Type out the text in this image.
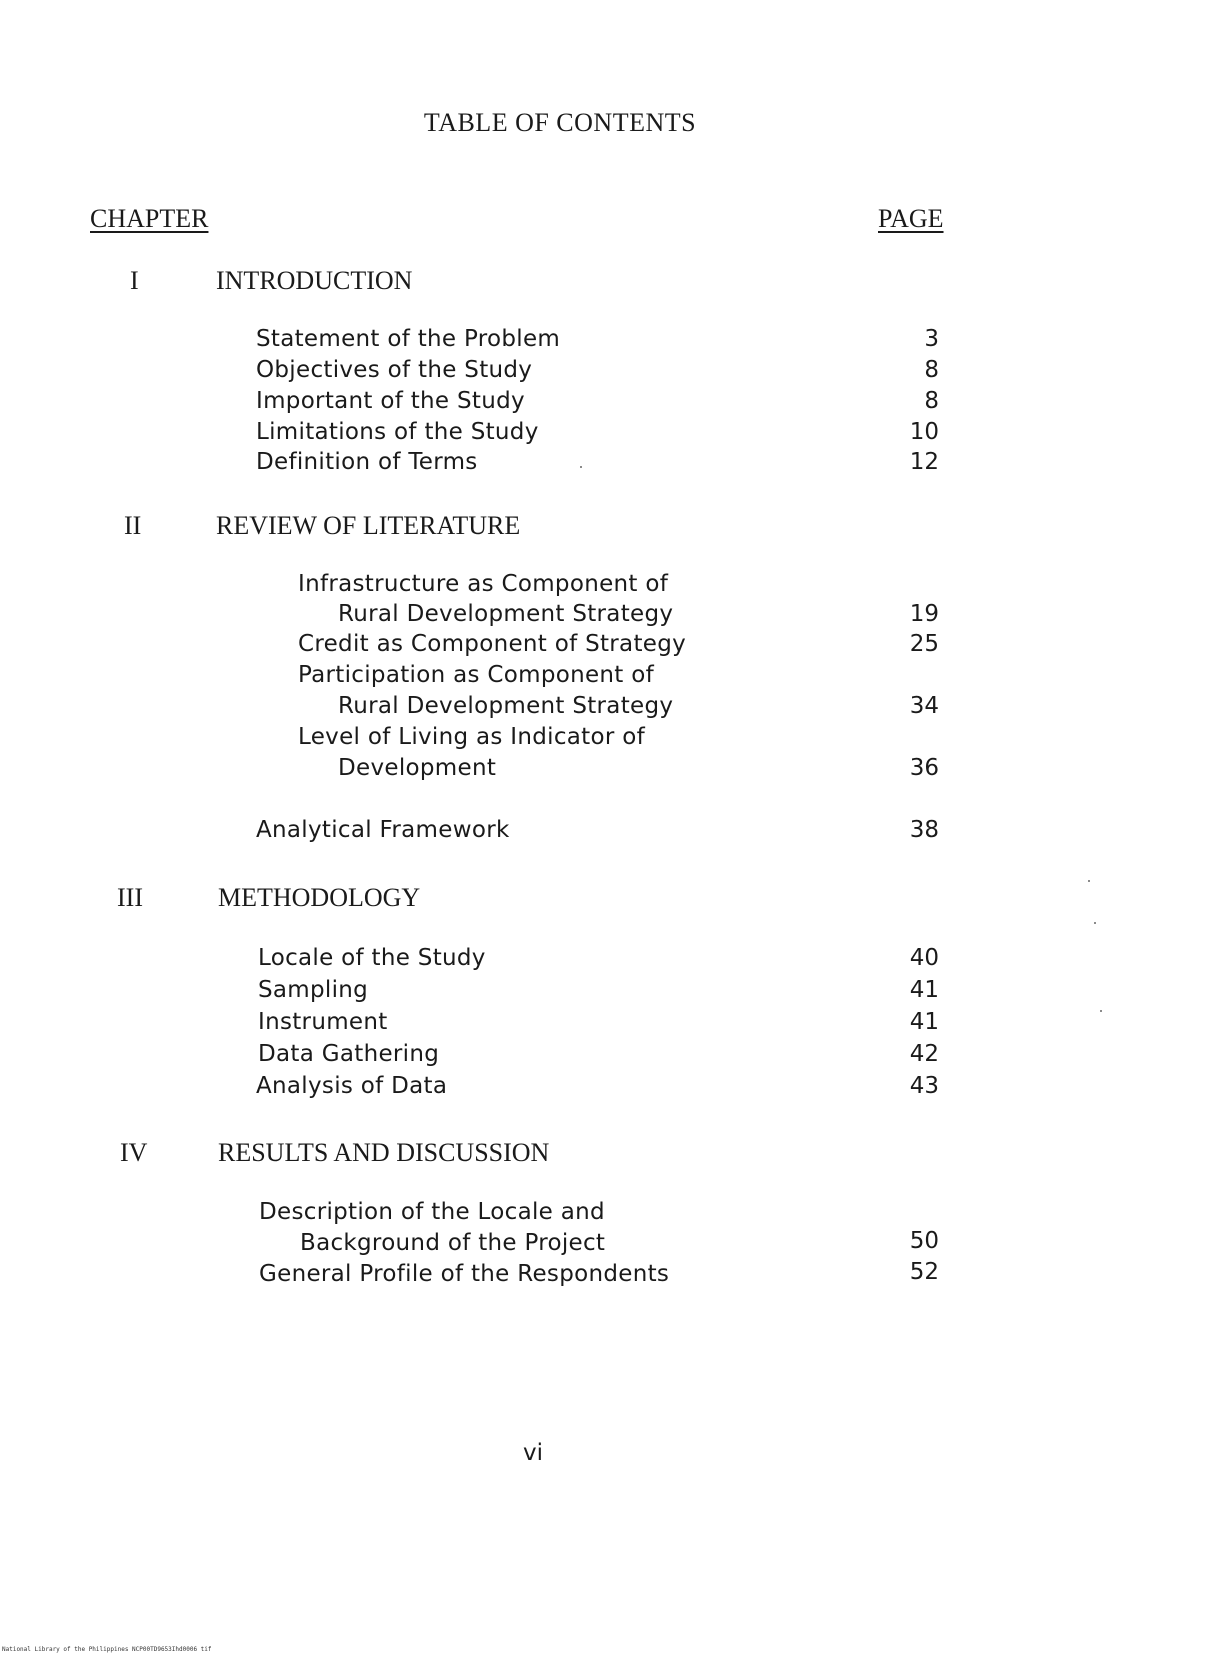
TABLE OF CONTENTS
CHAPTER	PAGE
I	INTRODUCTION
Statement of the Problem	3
Objectives of the Study	8
Important of the Study	8
Limitations of the Study	10
Definition of Terms	12
II	REVIEW OF LITERATURE
Infrastructure as Component of
Rural Development Strategy	19
Credit as Component of Strategy	25
Participation as Component of
Rural Development Strategy	34
Level of Living as Indicator of
Development	36
Analytical Framework	38
III	METHODOLOGY
Locale of the Study	40
Sampling	41
Instrument	41
Data Gathering	42
Analysis of Data	43
IV	RESULTS AND DISCUSSION
Description of the Locale and
Background of the Project	50
General Profile of the Respondents	52
vi
National Library of the Philippines NCP00TD9653Ihd0006 tif
